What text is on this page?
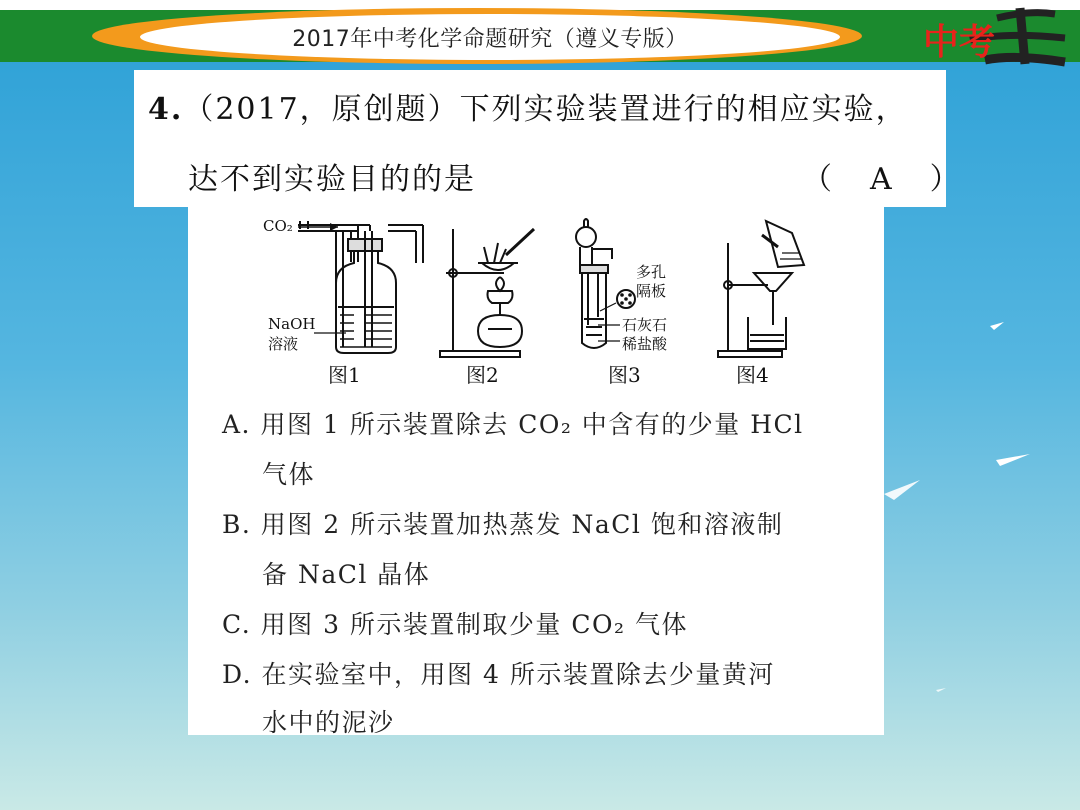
2017年中考化学命题研究（遵义专版）	中考
4.（2017，原创题）下列实验装置进行的相应实验，
达不到实验目的的是	（　A　）
CO₂
NaOH
溶液
图1	图2
多孔
隔板
石灰石
稀盐酸
图3	图4
A. 用图 1 所示装置除去 CO₂ 中含有的少量 HCl
气体
B. 用图 2 所示装置加热蒸发 NaCl 饱和溶液制
备 NaCl 晶体
C. 用图 3 所示装置制取少量 CO₂ 气体
D. 在实验室中，用图 4 所示装置除去少量黄河
水中的泥沙
